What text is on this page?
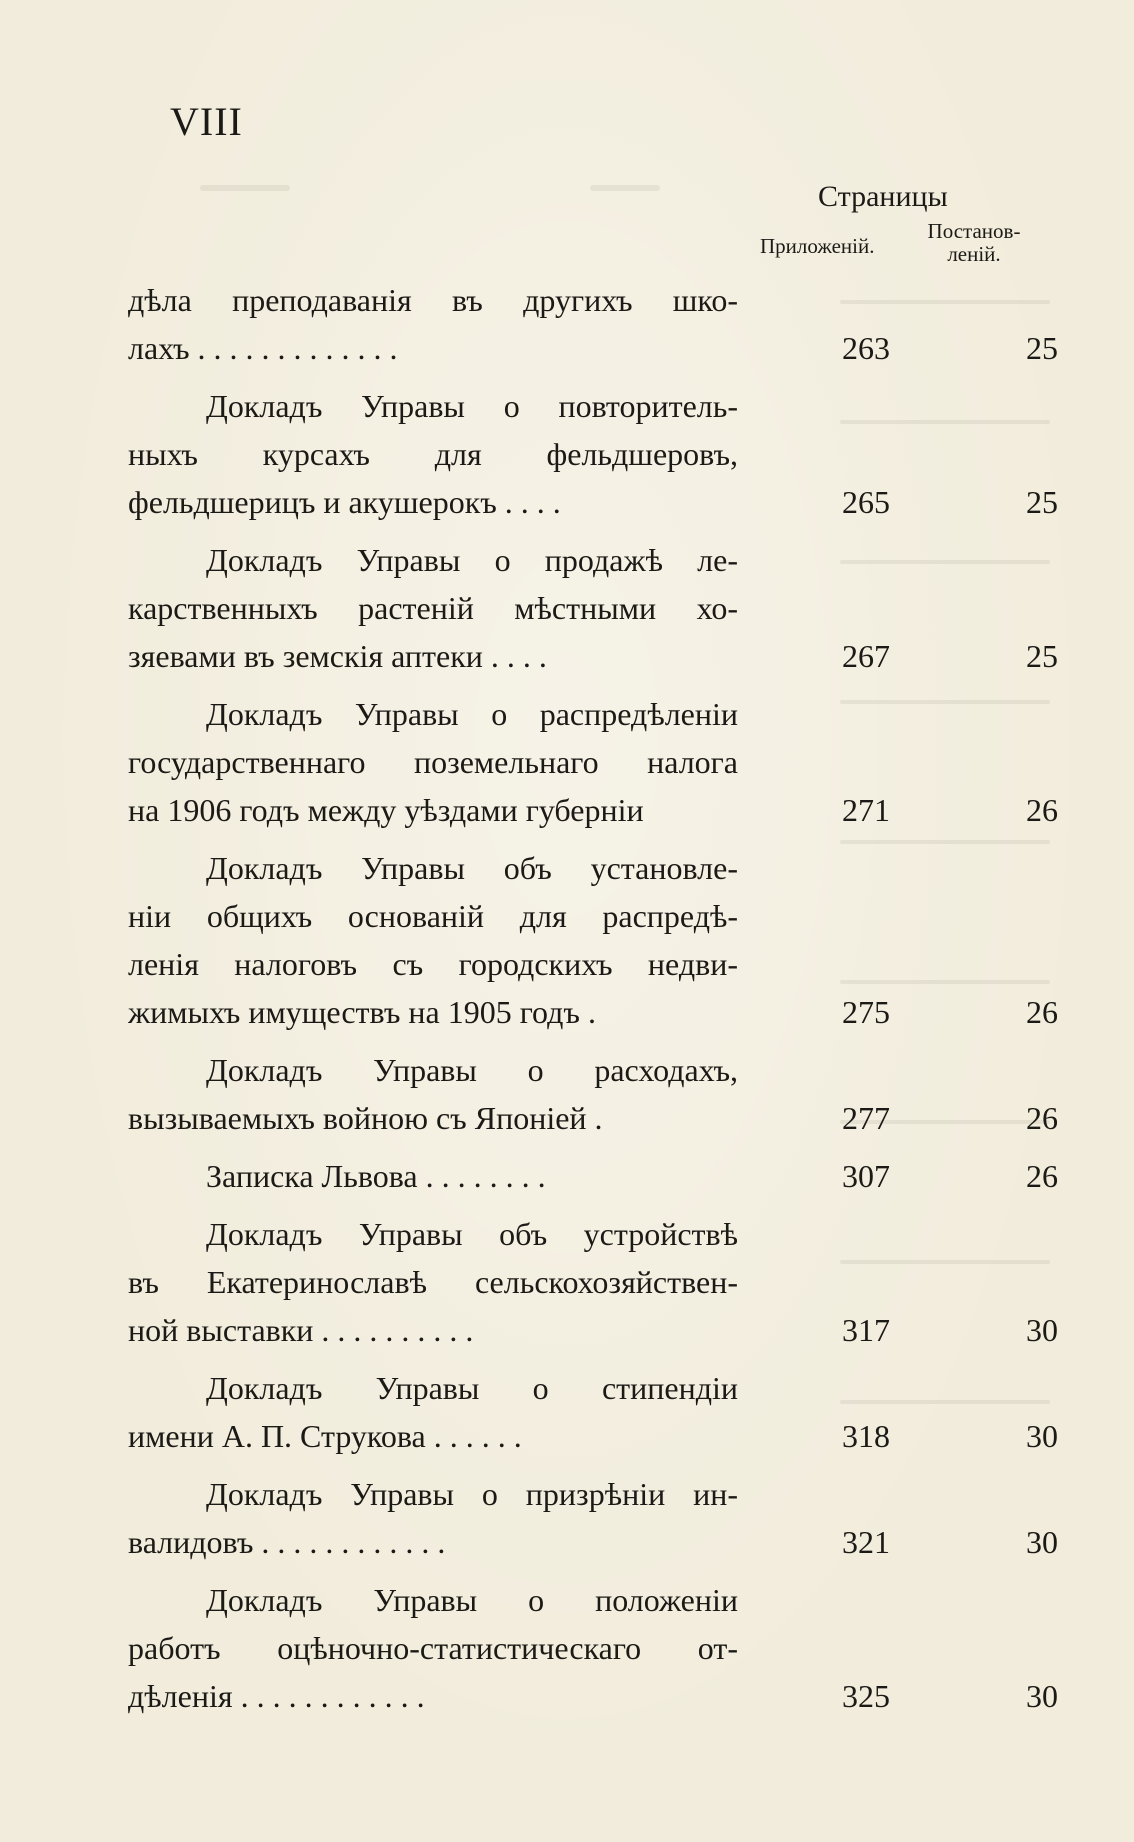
VIII
Страницы
Приложеній.
Постанов-
леній.
дѣла преподаванія въ другихъ шко-
лахъ . . . . . . . . . . . . .	263	25
Докладъ Управы о повторитель-
ныхъ курсахъ для фельдшеровъ,
фельдшерицъ и акушерокъ . . . .	265	25
Докладъ Управы о продажѣ ле-
карственныхъ растеній мѣстными хо-
зяевами въ земскія аптеки . . . .	267	25
Докладъ Управы о распредѣленіи
государственнаго поземельнаго налога
на 1906 годъ между уѣздами губерніи	271	26
Докладъ Управы объ установле-
ніи общихъ основаній для распредѣ-
ленія налоговъ съ городскихъ недви-
жимыхъ имуществъ на 1905 годъ .	275	26
Докладъ Управы о расходахъ,
вызываемыхъ войною съ Японіей .	277	26
Записка Львова . . . . . . . .	307	26
Докладъ Управы объ устройствѣ
въ Екатеринославѣ сельскохозяйствен-
ной выставки . . . . . . . . . .	317	30
Докладъ Управы о стипендіи
имени А. П. Струкова . . . . . .	318	30
Докладъ Управы о призрѣніи ин-
валидовъ . . . . . . . . . . . .	321	30
Докладъ Управы о положеніи
работъ оцѣночно-статистическаго от-
дѣленія . . . . . . . . . . . .	325	30
